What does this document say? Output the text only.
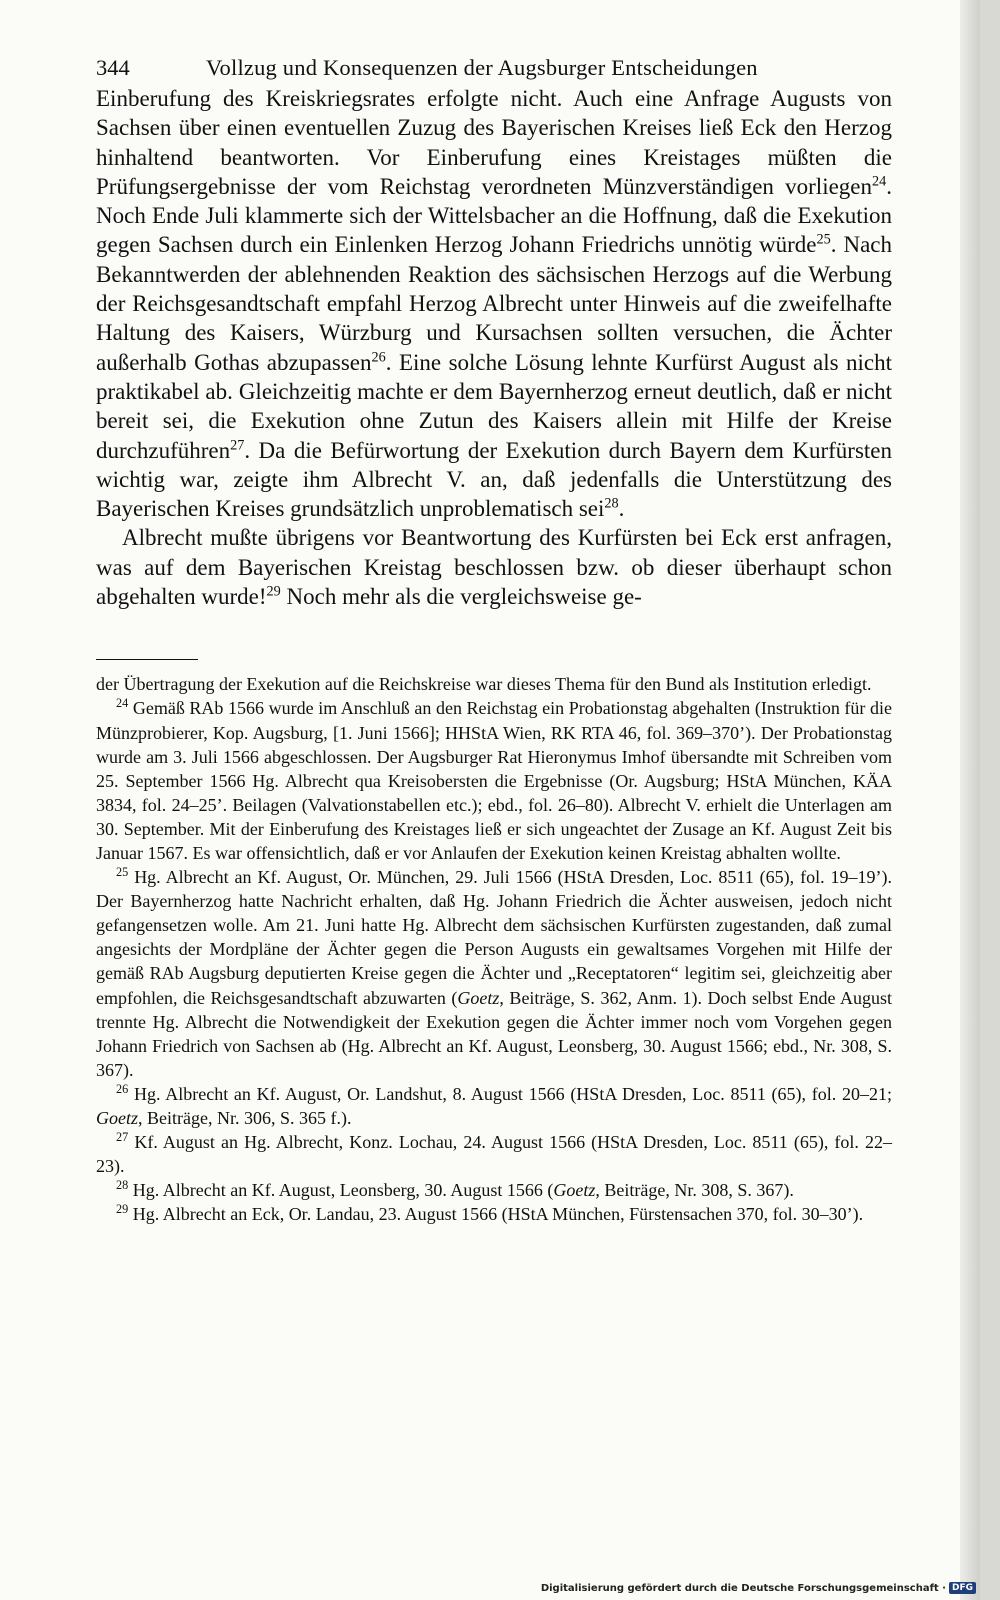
344	Vollzug und Konsequenzen der Augsburger Entscheidungen

Einberufung des Kreiskriegsrates erfolgte nicht. Auch eine Anfrage Augusts von Sachsen über einen eventuellen Zuzug des Bayerischen Kreises ließ Eck den Herzog hinhaltend beantworten. Vor Einberufung eines Kreistages müßten die Prüfungsergebnisse der vom Reichstag verordneten Münzverständigen vorliegen$^{24}$. Noch Ende Juli klammerte sich der Wittelsbacher an die Hoffnung, daß die Exekution gegen Sachsen durch ein Einlenken Herzog Johann Friedrichs unnötig würde$^{25}$. Nach Bekanntwerden der ablehnenden Reaktion des sächsischen Herzogs auf die Werbung der Reichsgesandtschaft empfahl Herzog Albrecht unter Hinweis auf die zweifelhafte Haltung des Kaisers, Würzburg und Kursachsen sollten versuchen, die Ächter außerhalb Gothas abzupassen$^{26}$. Eine solche Lösung lehnte Kurfürst August als nicht praktikabel ab. Gleichzeitig machte er dem Bayernherzog erneut deutlich, daß er nicht bereit sei, die Exekution ohne Zutun des Kaisers allein mit Hilfe der Kreise durchzuführen$^{27}$. Da die Befürwortung der Exekution durch Bayern dem Kurfürsten wichtig war, zeigte ihm Albrecht V. an, daß jedenfalls die Unterstützung des Bayerischen Kreises grundsätzlich unproblematisch sei$^{28}$.

Albrecht mußte übrigens vor Beantwortung des Kurfürsten bei Eck erst anfragen, was auf dem Bayerischen Kreistag beschlossen bzw. ob dieser überhaupt schon abgehalten wurde!$^{29}$ Noch mehr als die vergleichsweise ge-

der Übertragung der Exekution auf die Reichskreise war dieses Thema für den Bund als Institution erledigt.

$^{24}$ Gemäß RAb 1566 wurde im Anschluß an den Reichstag ein Probationstag abgehalten (Instruktion für die Münzprobierer, Kop. Augsburg, [1. Juni 1566]; HHStA Wien, RK RTA 46, fol. 369–370’). Der Probationstag wurde am 3. Juli 1566 abgeschlossen. Der Augsburger Rat Hieronymus Imhof übersandte mit Schreiben vom 25. September 1566 Hg. Albrecht qua Kreisobersten die Ergebnisse (Or. Augsburg; HStA München, KÄA 3834, fol. 24–25’. Beilagen (Valvationstabellen etc.); ebd., fol. 26–80). Albrecht V. erhielt die Unterlagen am 30. September. Mit der Einberufung des Kreistages ließ er sich ungeachtet der Zusage an Kf. August Zeit bis Januar 1567. Es war offensichtlich, daß er vor Anlaufen der Exekution keinen Kreistag abhalten wollte.

$^{25}$ Hg. Albrecht an Kf. August, Or. München, 29. Juli 1566 (HStA Dresden, Loc. 8511 (65), fol. 19–19’). Der Bayernherzog hatte Nachricht erhalten, daß Hg. Johann Friedrich die Ächter ausweisen, jedoch nicht gefangensetzen wolle. Am 21. Juni hatte Hg. Albrecht dem sächsischen Kurfürsten zugestanden, daß zumal angesichts der Mordpläne der Ächter gegen die Person Augusts ein gewaltsames Vorgehen mit Hilfe der gemäß RAb Augsburg deputierten Kreise gegen die Ächter und „Receptatoren“ legitim sei, gleichzeitig aber empfohlen, die Reichsgesandtschaft abzuwarten (Goetz, Beiträge, S. 362, Anm. 1). Doch selbst Ende August trennte Hg. Albrecht die Notwendigkeit der Exekution gegen die Ächter immer noch vom Vorgehen gegen Johann Friedrich von Sachsen ab (Hg. Albrecht an Kf. August, Leonsberg, 30. August 1566; ebd., Nr. 308, S. 367).

$^{26}$ Hg. Albrecht an Kf. August, Or. Landshut, 8. August 1566 (HStA Dresden, Loc. 8511 (65), fol. 20–21; Goetz, Beiträge, Nr. 306, S. 365 f.).

$^{27}$ Kf. August an Hg. Albrecht, Konz. Lochau, 24. August 1566 (HStA Dresden, Loc. 8511 (65), fol. 22–23).

$^{28}$ Hg. Albrecht an Kf. August, Leonsberg, 30. August 1566 (Goetz, Beiträge, Nr. 308, S. 367).

$^{29}$ Hg. Albrecht an Eck, Or. Landau, 23. August 1566 (HStA München, Fürstensachen 370, fol. 30–30’).

Digitalisierung gefördert durch die Deutsche Forschungsgemeinschaft · DFG
